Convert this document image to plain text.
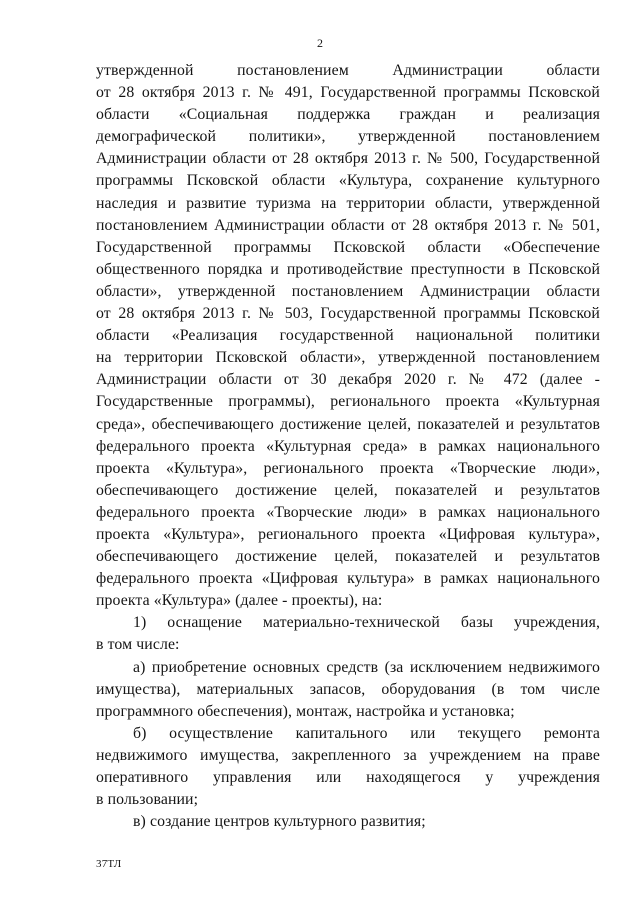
2
утвержденной постановлением Администрации области
от 28 октября 2013 г. № 491, Государственной программы Псковской
области «Социальная поддержка граждан и реализация
демографической политики», утвержденной постановлением
Администрации области от 28 октября 2013 г. № 500, Государственной
программы Псковской области «Культура, сохранение культурного
наследия и развитие туризма на территории области, утвержденной
постановлением Администрации области от 28 октября 2013 г. № 501,
Государственной программы Псковской области «Обеспечение
общественного порядка и противодействие преступности в Псковской
области», утвержденной постановлением Администрации области
от 28 октября 2013 г. № 503, Государственной программы Псковской
области «Реализация государственной национальной политики
на территории Псковской области», утвержденной постановлением
Администрации области от 30 декабря 2020 г. № 472 (далее -
Государственные программы), регионального проекта «Культурная
среда», обеспечивающего достижение целей, показателей и результатов
федерального проекта «Культурная среда» в рамках национального
проекта «Культура», регионального проекта «Творческие люди»,
обеспечивающего достижение целей, показателей и результатов
федерального проекта «Творческие люди» в рамках национального
проекта «Культура», регионального проекта «Цифровая культура»,
обеспечивающего достижение целей, показателей и результатов
федерального проекта «Цифровая культура» в рамках национального
проекта «Культура» (далее - проекты), на:
1) оснащение материально-технической базы учреждения,
в том числе:
а) приобретение основных средств (за исключением недвижимого
имущества), материальных запасов, оборудования (в том числе
программного обеспечения), монтаж, настройка и установка;
б) осуществление капитального или текущего ремонта
недвижимого имущества, закрепленного за учреждением на праве
оперативного управления или находящегося у учреждения
в пользовании;
в) создание центров культурного развития;
37ТЛ
